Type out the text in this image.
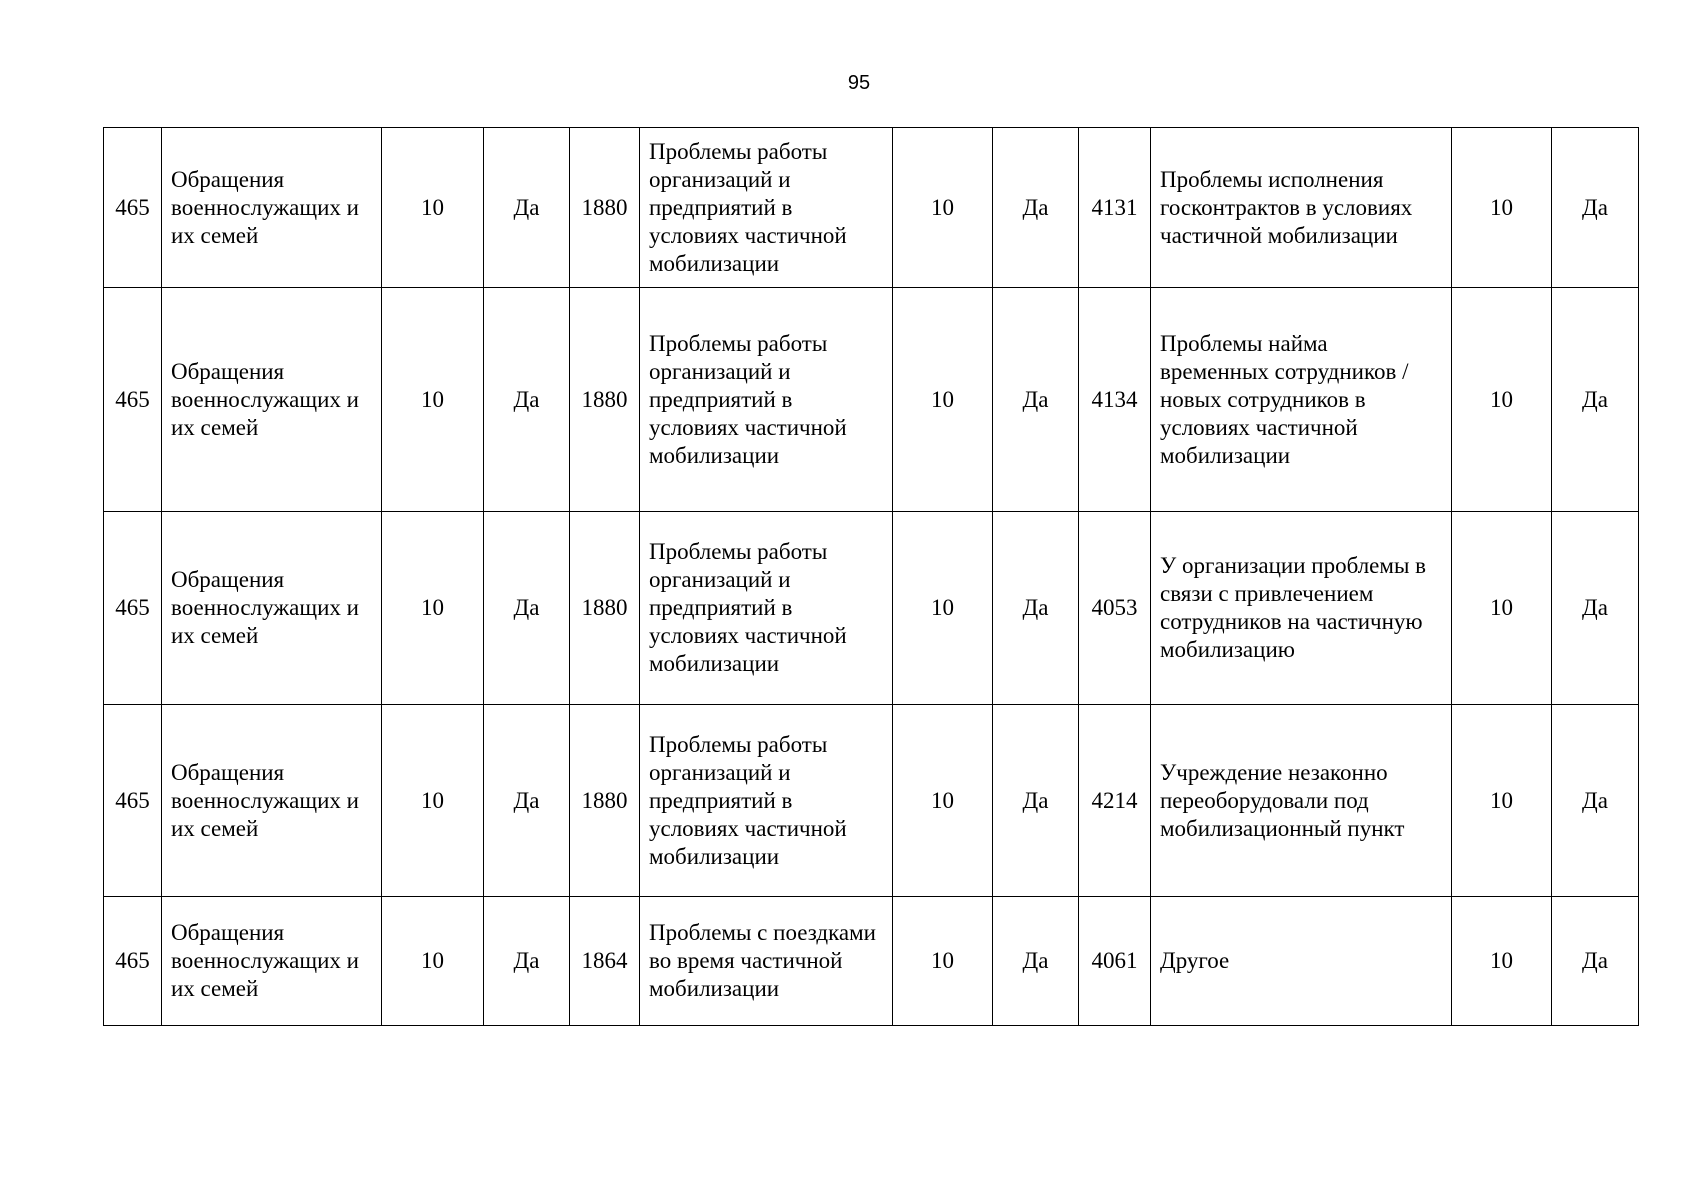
95
465	Обращения военнослужащих и их семей	10	Да	1880	Проблемы работы организаций и предприятий в условиях частичной мобилизации	10	Да	4131	Проблемы исполнения госконтрактов в условиях частичной мобилизации	10	Да
465	Обращения военнослужащих и их семей	10	Да	1880	Проблемы работы организаций и предприятий в условиях частичной мобилизации	10	Да	4134	Проблемы найма временных сотрудников / новых сотрудников в условиях частичной мобилизации	10	Да
465	Обращения военнослужащих и их семей	10	Да	1880	Проблемы работы организаций и предприятий в условиях частичной мобилизации	10	Да	4053	У организации проблемы в связи с привлечением сотрудников на частичную мобилизацию	10	Да
465	Обращения военнослужащих и их семей	10	Да	1880	Проблемы работы организаций и предприятий в условиях частичной мобилизации	10	Да	4214	Учреждение незаконно переоборудовали под мобилизационный пункт	10	Да
465	Обращения военнослужащих и их семей	10	Да	1864	Проблемы с поездками во время частичной мобилизации	10	Да	4061	Другое	10	Да
